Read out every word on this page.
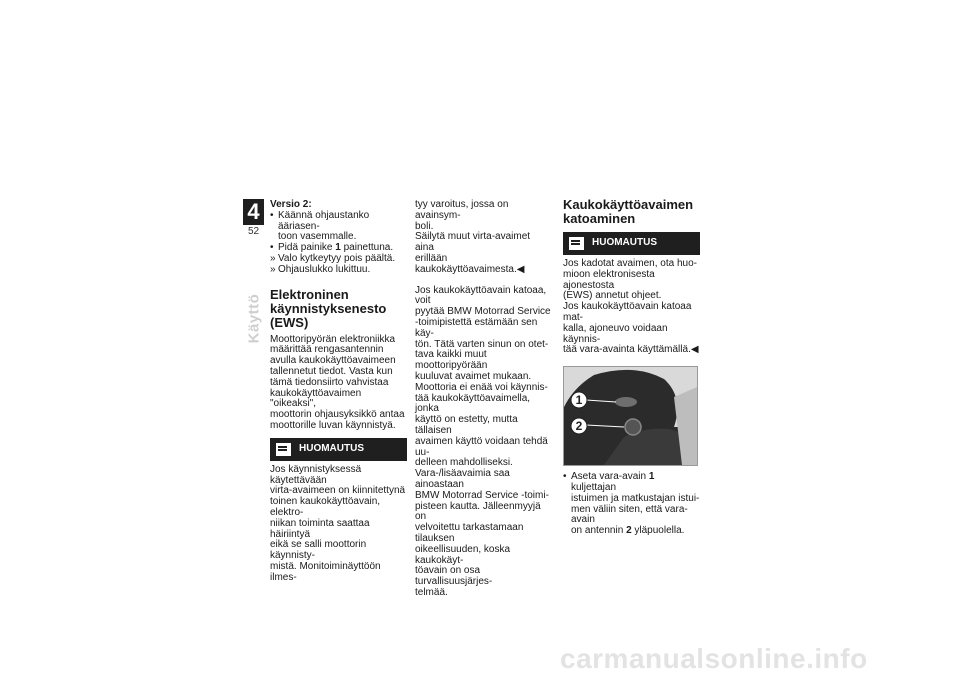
4
52
Käyttö

Versio 2:

• Käännä ohjaustanko ääriasen-
toon vasemmalle.
• Pidä painike 1 painettuna.
» Valo kytkeytyy pois päältä.
» Ohjauslukko lukittuu.
Elektroninen
käynnistyksenesto (EWS)

Moottoripyörän elektroniikka

määrittää rengasantennin

avulla kaukokäyttöavaimeen

tallennetut tiedot. Vasta kun

tämä tiedonsiirto vahvistaa

kaukokäyttöavaimen "oikeaksi",

moottorin ohjausyksikkö antaa

moottorille luvan käynnistyä.

HUOMAUTUS

Jos käynnistyksessä käytettävään

virta-avaimeen on kiinnitettynä

toinen kaukokäyttöavain, elektro-

niikan toiminta saattaa häiriintyä

eikä se salli moottorin käynnisty-

mistä. Monitoiminäyttöön ilmes-

tyy varoitus, jossa on avainsym-

boli.

Säilytä muut virta-avaimet aina

erillään kaukokäyttöavaimesta.◀

Jos kaukokäyttöavain katoaa, voit

pyytää BMW Motorrad Service

-toimipistettä estämään sen käy-

tön. Tätä varten sinun on otet-

tava kaikki muut moottoripyörään

kuuluvat avaimet mukaan.

Moottoria ei enää voi käynnis-

tää kaukokäyttöavaimella, jonka

käyttö on estetty, mutta tällaisen

avaimen käyttö voidaan tehdä uu-

delleen mahdolliseksi.

Vara-/lisäavaimia saa ainoastaan

BMW Motorrad Service -toimi-

pisteen kautta. Jälleenmyyjä on

velvoitettu tarkastamaan tilauksen

oikeellisuuden, koska kaukokäyt-

töavain on osa turvallisuusjärjes-

telmää.

Kaukokäyttöavaimen
katoaminen
HUOMAUTUS

Jos kadotat avaimen, ota huo-

mioon elektronisesta ajonestosta

(EWS) annetut ohjeet.

Jos kaukokäyttöavain katoaa mat-

kalla, ajoneuvo voidaan käynnis-

tää vara-avainta käyttämällä.◀

1
2
• Aseta vara-avain 1 kuljettajan
istuimen ja matkustajan istui-
men väliin siten, että vara-avain
on antennin 2 yläpuolella.
carmanualsonline.info
